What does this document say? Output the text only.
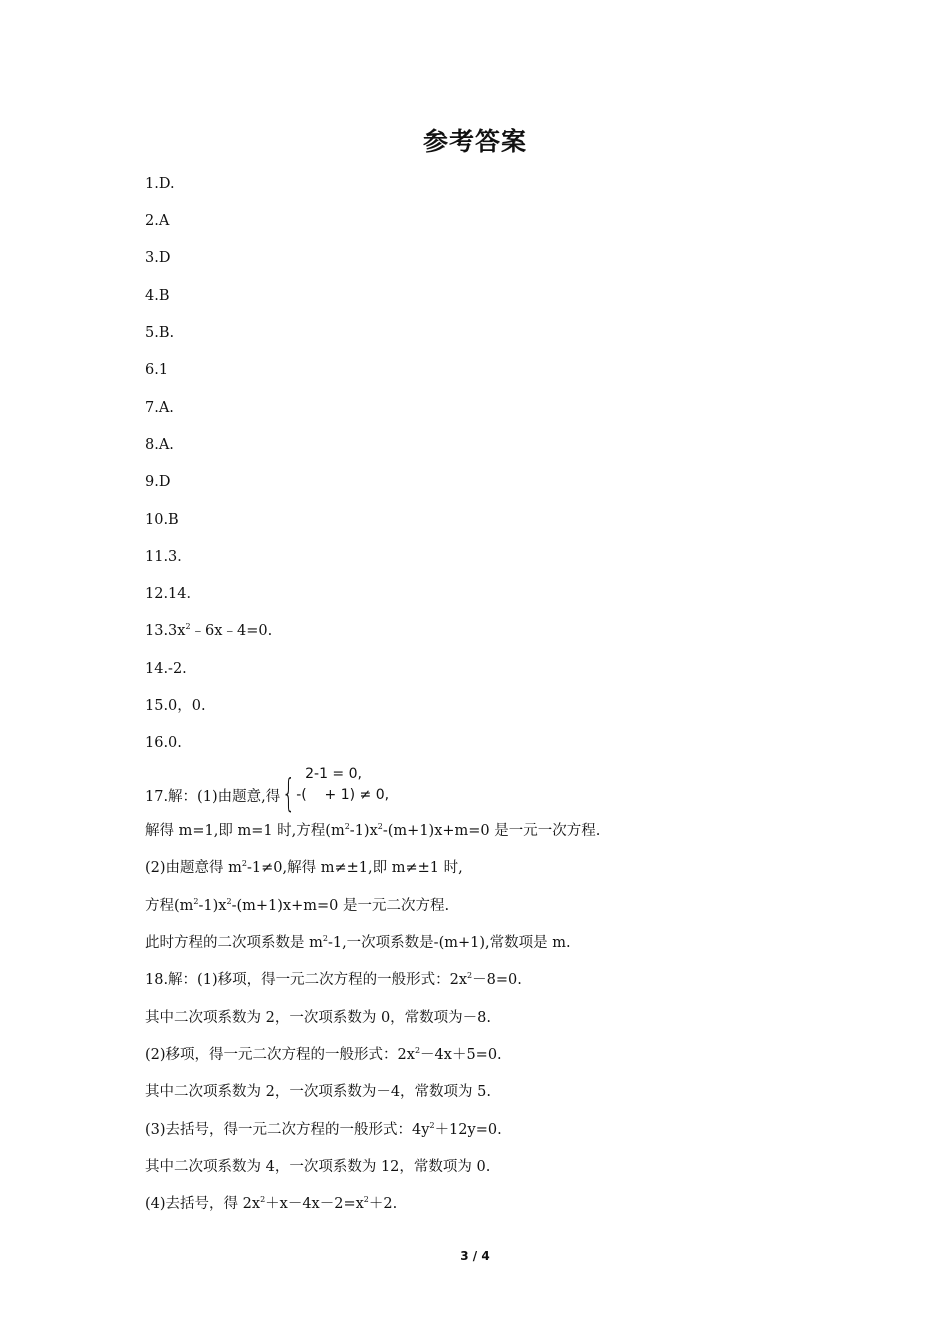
参考答案
1.D.
2.A
3.D
4.B
5.B.
6.1
7.A.
8.A.
9.D
10.B
11.3．
12.14．
$13.3x^2﹣6x﹣4=0$.
14.-2.
15.0，0.
16.0.
17.解：(1)由题意,得 { 2-1 = 0,
-(    + 1) ≠ 0,
解得 m=1,即 m=1 时,方程$(m^2-1)x^2-(m+1)x+m=0$ 是一元一次方程.
(2)由题意得 $m^2-1\ne 0$,解得 m≠±1,即 m≠±1 时,
方程$(m^2-1)x^2-(m+1)x+m=0$ 是一元二次方程.
此时方程的二次项系数是 $m^2-1$,一次项系数是-(m+1),常数项是 m.
18.解：(1)移项，得一元二次方程的一般形式：$2x^2-8=0$.
其中二次项系数为 2，一次项系数为 0，常数项为－8.
(2)移项，得一元二次方程的一般形式：$2x^2-4x+5=0$.
其中二次项系数为 2，一次项系数为－4，常数项为 5.
(3)去括号，得一元二次方程的一般形式：$4y^2+12y=0$.
其中二次项系数为 4，一次项系数为 12，常数项为 0.
(4)去括号，得 $2x^2+x-4x-2=x^2+2$.
3 / 4
